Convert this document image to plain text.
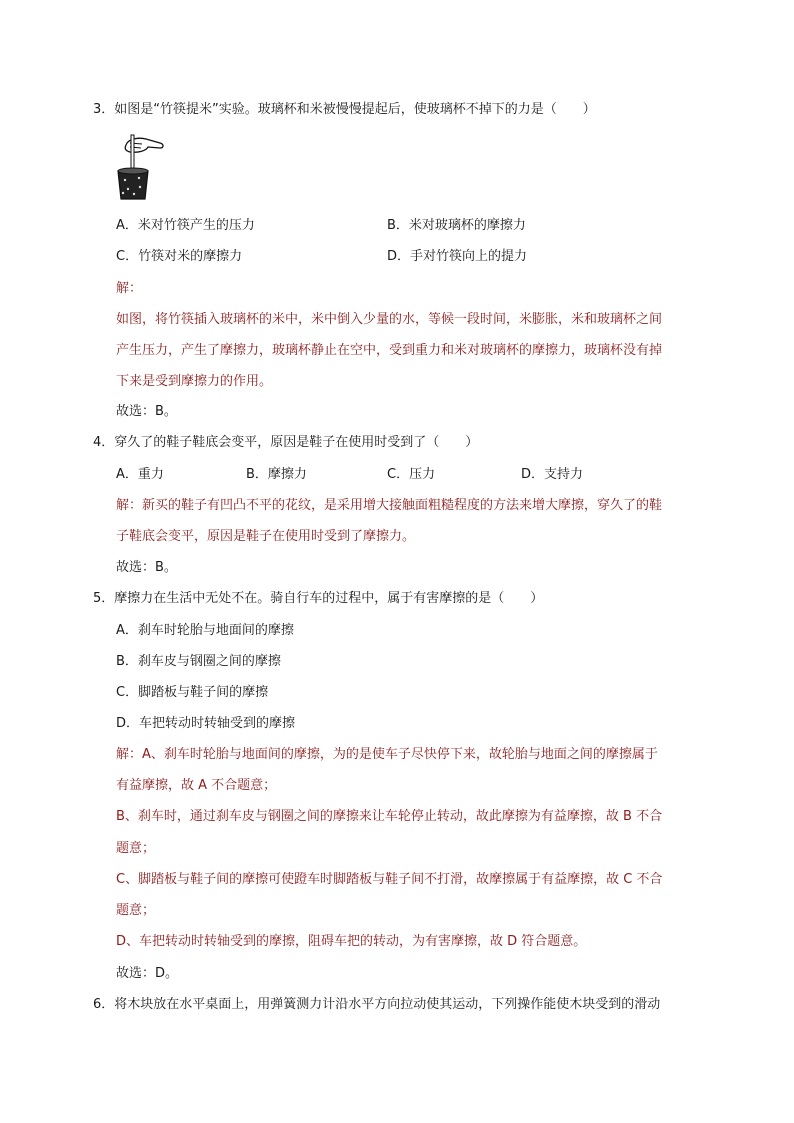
3．如图是“竹筷提米”实验。玻璃杯和米被慢慢提起后，使玻璃杯不掉下的力是（　　）
A．米对竹筷产生的压力	B．米对玻璃杯的摩擦力
C．竹筷对米的摩擦力	D．手对竹筷向上的提力
解：
如图，将竹筷插入玻璃杯的米中，米中倒入少量的水，等候一段时间，米膨胀，米和玻璃杯之间
产生压力，产生了摩擦力，玻璃杯静止在空中，受到重力和米对玻璃杯的摩擦力，玻璃杯没有掉
下来是受到摩擦力的作用。
故选：B。
4．穿久了的鞋子鞋底会变平，原因是鞋子在使用时受到了（　　）
A．重力	B．摩擦力	C．压力	D．支持力
解：新买的鞋子有凹凸不平的花纹，是采用增大接触面粗糙程度的方法来增大摩擦，穿久了的鞋
子鞋底会变平，原因是鞋子在使用时受到了摩擦力。
故选：B。
5．摩擦力在生活中无处不在。骑自行车的过程中，属于有害摩擦的是（　　）
A．刹车时轮胎与地面间的摩擦
B．刹车皮与钢圈之间的摩擦
C．脚踏板与鞋子间的摩擦
D．车把转动时转轴受到的摩擦
解：A、刹车时轮胎与地面间的摩擦，为的是使车子尽快停下来，故轮胎与地面之间的摩擦属于
有益摩擦，故 A 不合题意；
B、刹车时，通过刹车皮与钢圈之间的摩擦来让车轮停止转动，故此摩擦为有益摩擦，故 B 不合
题意；
C、脚踏板与鞋子间的摩擦可使蹬车时脚踏板与鞋子间不打滑，故摩擦属于有益摩擦，故 C 不合
题意；
D、车把转动时转轴受到的摩擦，阻碍车把的转动，为有害摩擦，故 D 符合题意。
故选：D。
6．将木块放在水平桌面上，用弹簧测力计沿水平方向拉动使其运动，下列操作能使木块受到的滑动
